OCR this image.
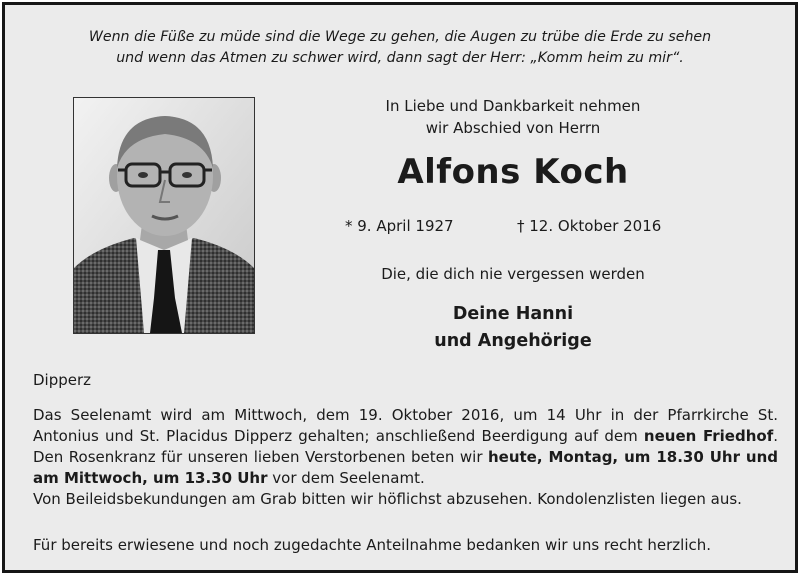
Wenn die Füße zu müde sind die Wege zu gehen, die Augen zu trübe die Erde zu sehen
und wenn das Atmen zu schwer wird, dann sagt der Herr: „Komm heim zu mir“.
In Liebe und Dankbarkeit nehmen
wir Abschied von Herrn
Alfons Koch
* 9. April 1927	† 12. Oktober 2016
Die, die dich nie vergessen werden
Deine Hanni
und Angehörige
Dipperz

Das Seelenamt wird am Mittwoch, dem 19. Oktober 2016, um 14 Uhr in der Pfarrkirche St. Antonius und St. Placidus Dipperz gehalten; anschließend Beerdigung auf dem neuen Friedhof. Den Rosenkranz für unseren lieben Verstorbenen beten wir heute, Montag, um 18.30 Uhr und am Mittwoch, um 13.30 Uhr vor dem Seelenamt.

Von Beileidsbekundungen am Grab bitten wir höflichst abzusehen. Kondolenzlisten liegen aus.

Für bereits erwiesene und noch zugedachte Anteilnahme bedanken wir uns recht herzlich.
